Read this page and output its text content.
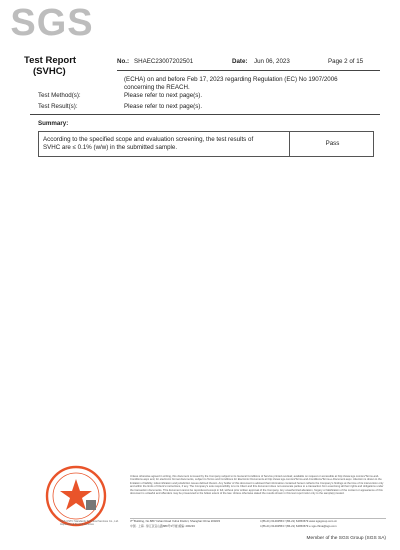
SGS
Test Report
(SVHC)
No.: SHAEC23007202501	Date: Jun 06, 2023	Page 2 of 15
(ECHA) on and before Feb 17, 2023 regarding Regulation (EC) No 1907/2006
concerning the REACH.
Test Method(s):	Please refer to next page(s).
Test Result(s):	Please refer to next page(s).
Summary:
According to the specified scope and evaluation screening, the test results of
SVHC are ≤ 0.1% (w/w) in the submitted sample.
Pass
Unless otherwise agreed in writing, this document is issued by the Company subject to its General Conditions of Service printed overleaf, available on request or accessible at http://www.sgs.com/en/Terms-and-Conditions.aspx and, for electronic format documents, subject to Terms and Conditions for Electronic Documents at http://www.sgs.com/en/Terms-and-Conditions/Terms-e-Document.aspx. Attention is drawn to the limitation of liability, indemnification and jurisdiction issues defined therein. Any holder of this document is advised that information contained hereon reflects the Company's findings at the time of its intervention only and within the limits of Client's instructions, if any. The Company's sole responsibility is to its Client and this document does not exonerate parties to a transaction from exercising all their rights and obligations under the transaction documents. This document cannot be reproduced except in full, without prior written approval of the Company. Any unauthorized alteration, forgery or falsification of the content or appearance of this document is unlawful and offenders may be prosecuted to the fullest extent of the law. Unless otherwise stated the results shown in this test report refer only to the sample(s) tested.
SGS-CSTC Standards Technical Services Co., Ltd.
Inspection & Testing Services
3ʳᵈ Building, No.889 Yishan Road Xuhui District, Shanghai China 200233	t (86-21) 61402553 f (86-21) 64953679 www.sgsgroup.com.cn
中国 · 上海 · 徐汇区宜山路889号3号楼 邮编: 200233	t (86-21) 61402553 f (86-21) 64953679 e sgs.china@sgs.com
Member of the SGS Group (SGS SA)
